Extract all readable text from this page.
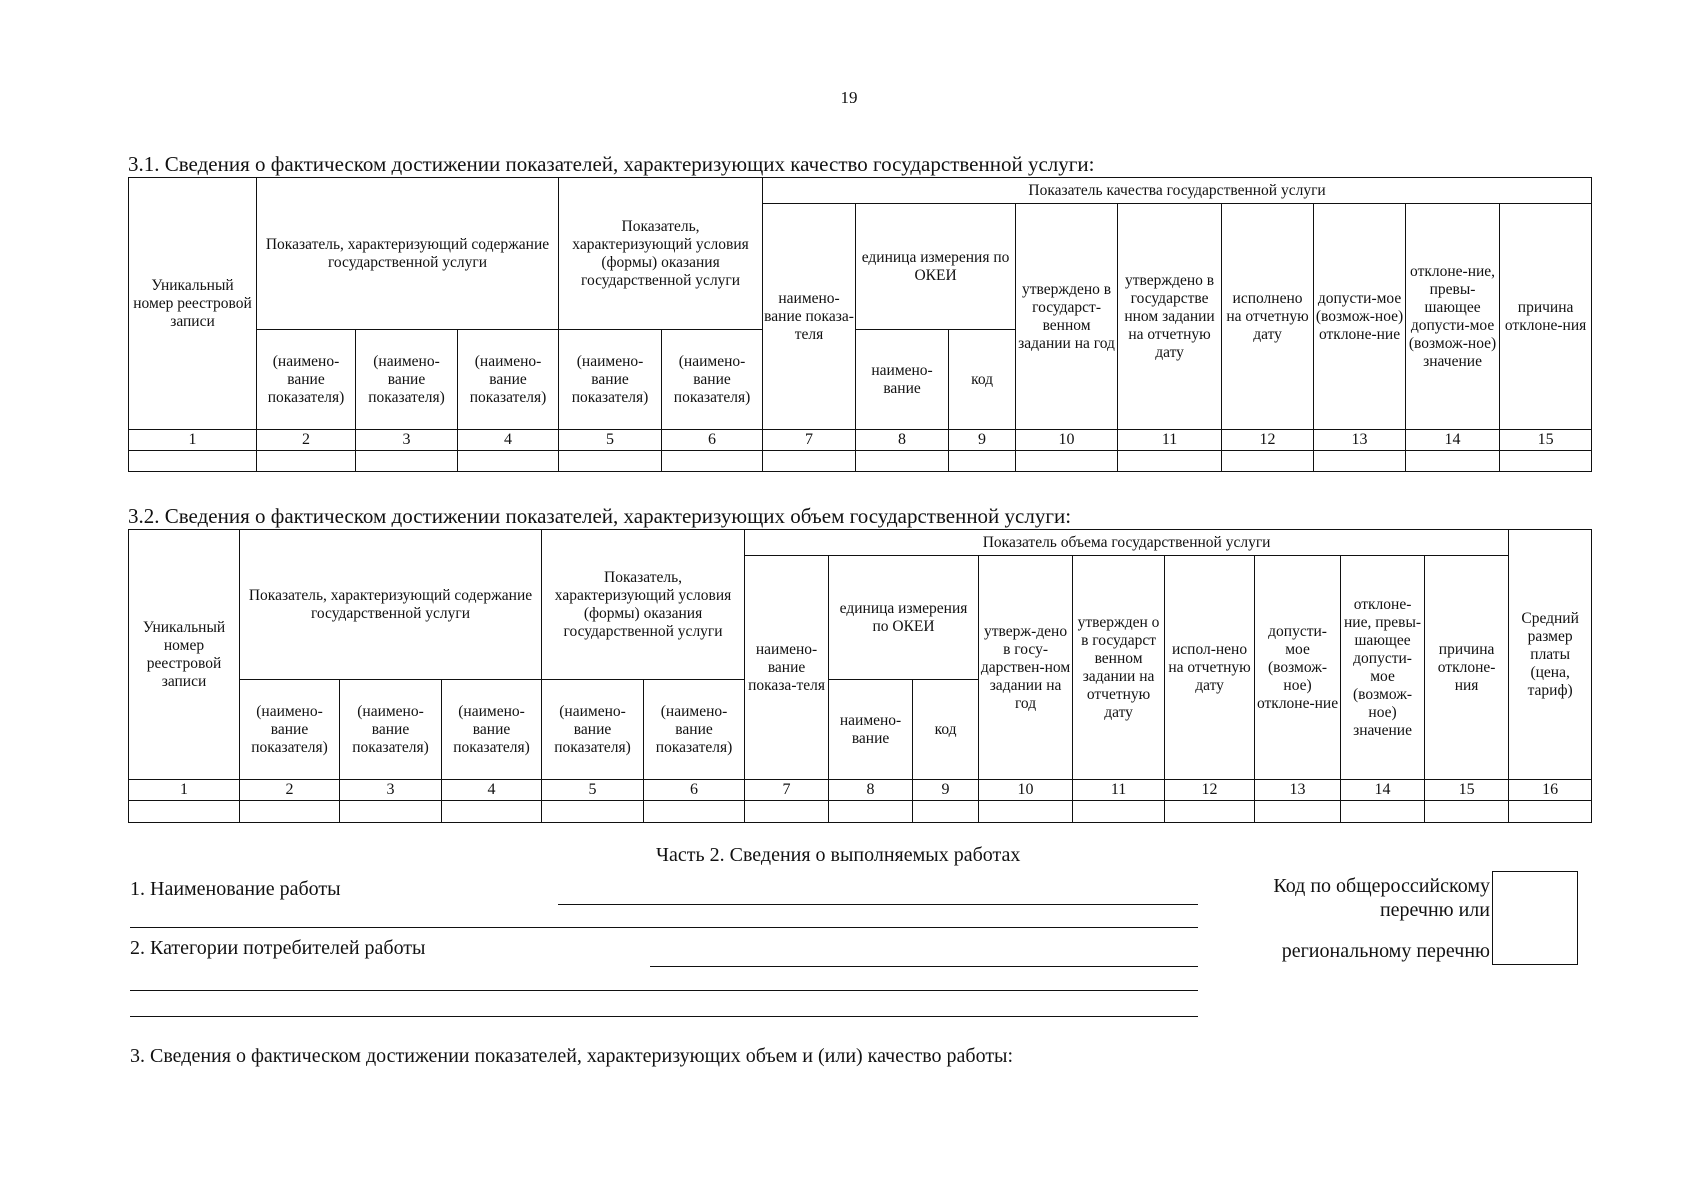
19
3.1. Сведения о фактическом достижении показателей, характеризующих качество государственной услуги:
Уникальный номер реестровой записи	Показатель, характеризующий содержание государственной услуги			Показатель, характеризующий условия (формы) оказания государственной услуги		Показатель качества государственной услуги								
						наимено-вание показа-теля	единица измерения по ОКЕИ		утверждено в государст-венном задании на год	утверждено в государстве нном задании на отчетную дату	исполнено на отчетную дату	допусти-мое (возмож-ное) отклоне-ние	отклоне-ние, превы-шающее допусти-мое (возмож-ное) значение	причина отклоне-ния
	(наимено-вание показателя)	(наимено-вание показателя)	(наимено-вание показателя)	(наимено-вание показателя)	(наимено-вание показателя)		наимено-вание	код						
1	2	3	4	5	6	7	8	9	10	11	12	13	14	15

3.2. Сведения о фактическом достижении показателей, характеризующих объем государственной услуги:
Уникальный номер реестровой записи	Показатель, характеризующий содержание государственной услуги			Показатель, характеризующий условия (формы) оказания государственной услуги		Показатель объема государственной услуги									Средний размер платы (цена, тариф)
						наимено-вание показа-теля	единица измерения по ОКЕИ		утверж-дено в госу-дарствен-ном задании на год	утвержден о в государст венном задании на отчетную дату	испол-нено на отчетную дату	допусти-мое (возмож-ное) отклоне-ние	отклоне-ние, превы-шающее допусти-мое (возмож-ное) значение	причина отклоне-ния	
	(наимено-вание показателя)	(наимено-вание показателя)	(наимено-вание показателя)	(наимено-вание показателя)	(наимено-вание показателя)		наимено-вание	код							
1	2	3	4	5	6	7	8	9	10	11	12	13	14	15	16

Часть 2. Сведения о выполняемых работах
1. Наименование работы
2. Категории потребителей работы
Код по общероссийскому
перечню или
региональному перечню
3. Сведения о фактическом достижении показателей, характеризующих объем и (или) качество работы:
